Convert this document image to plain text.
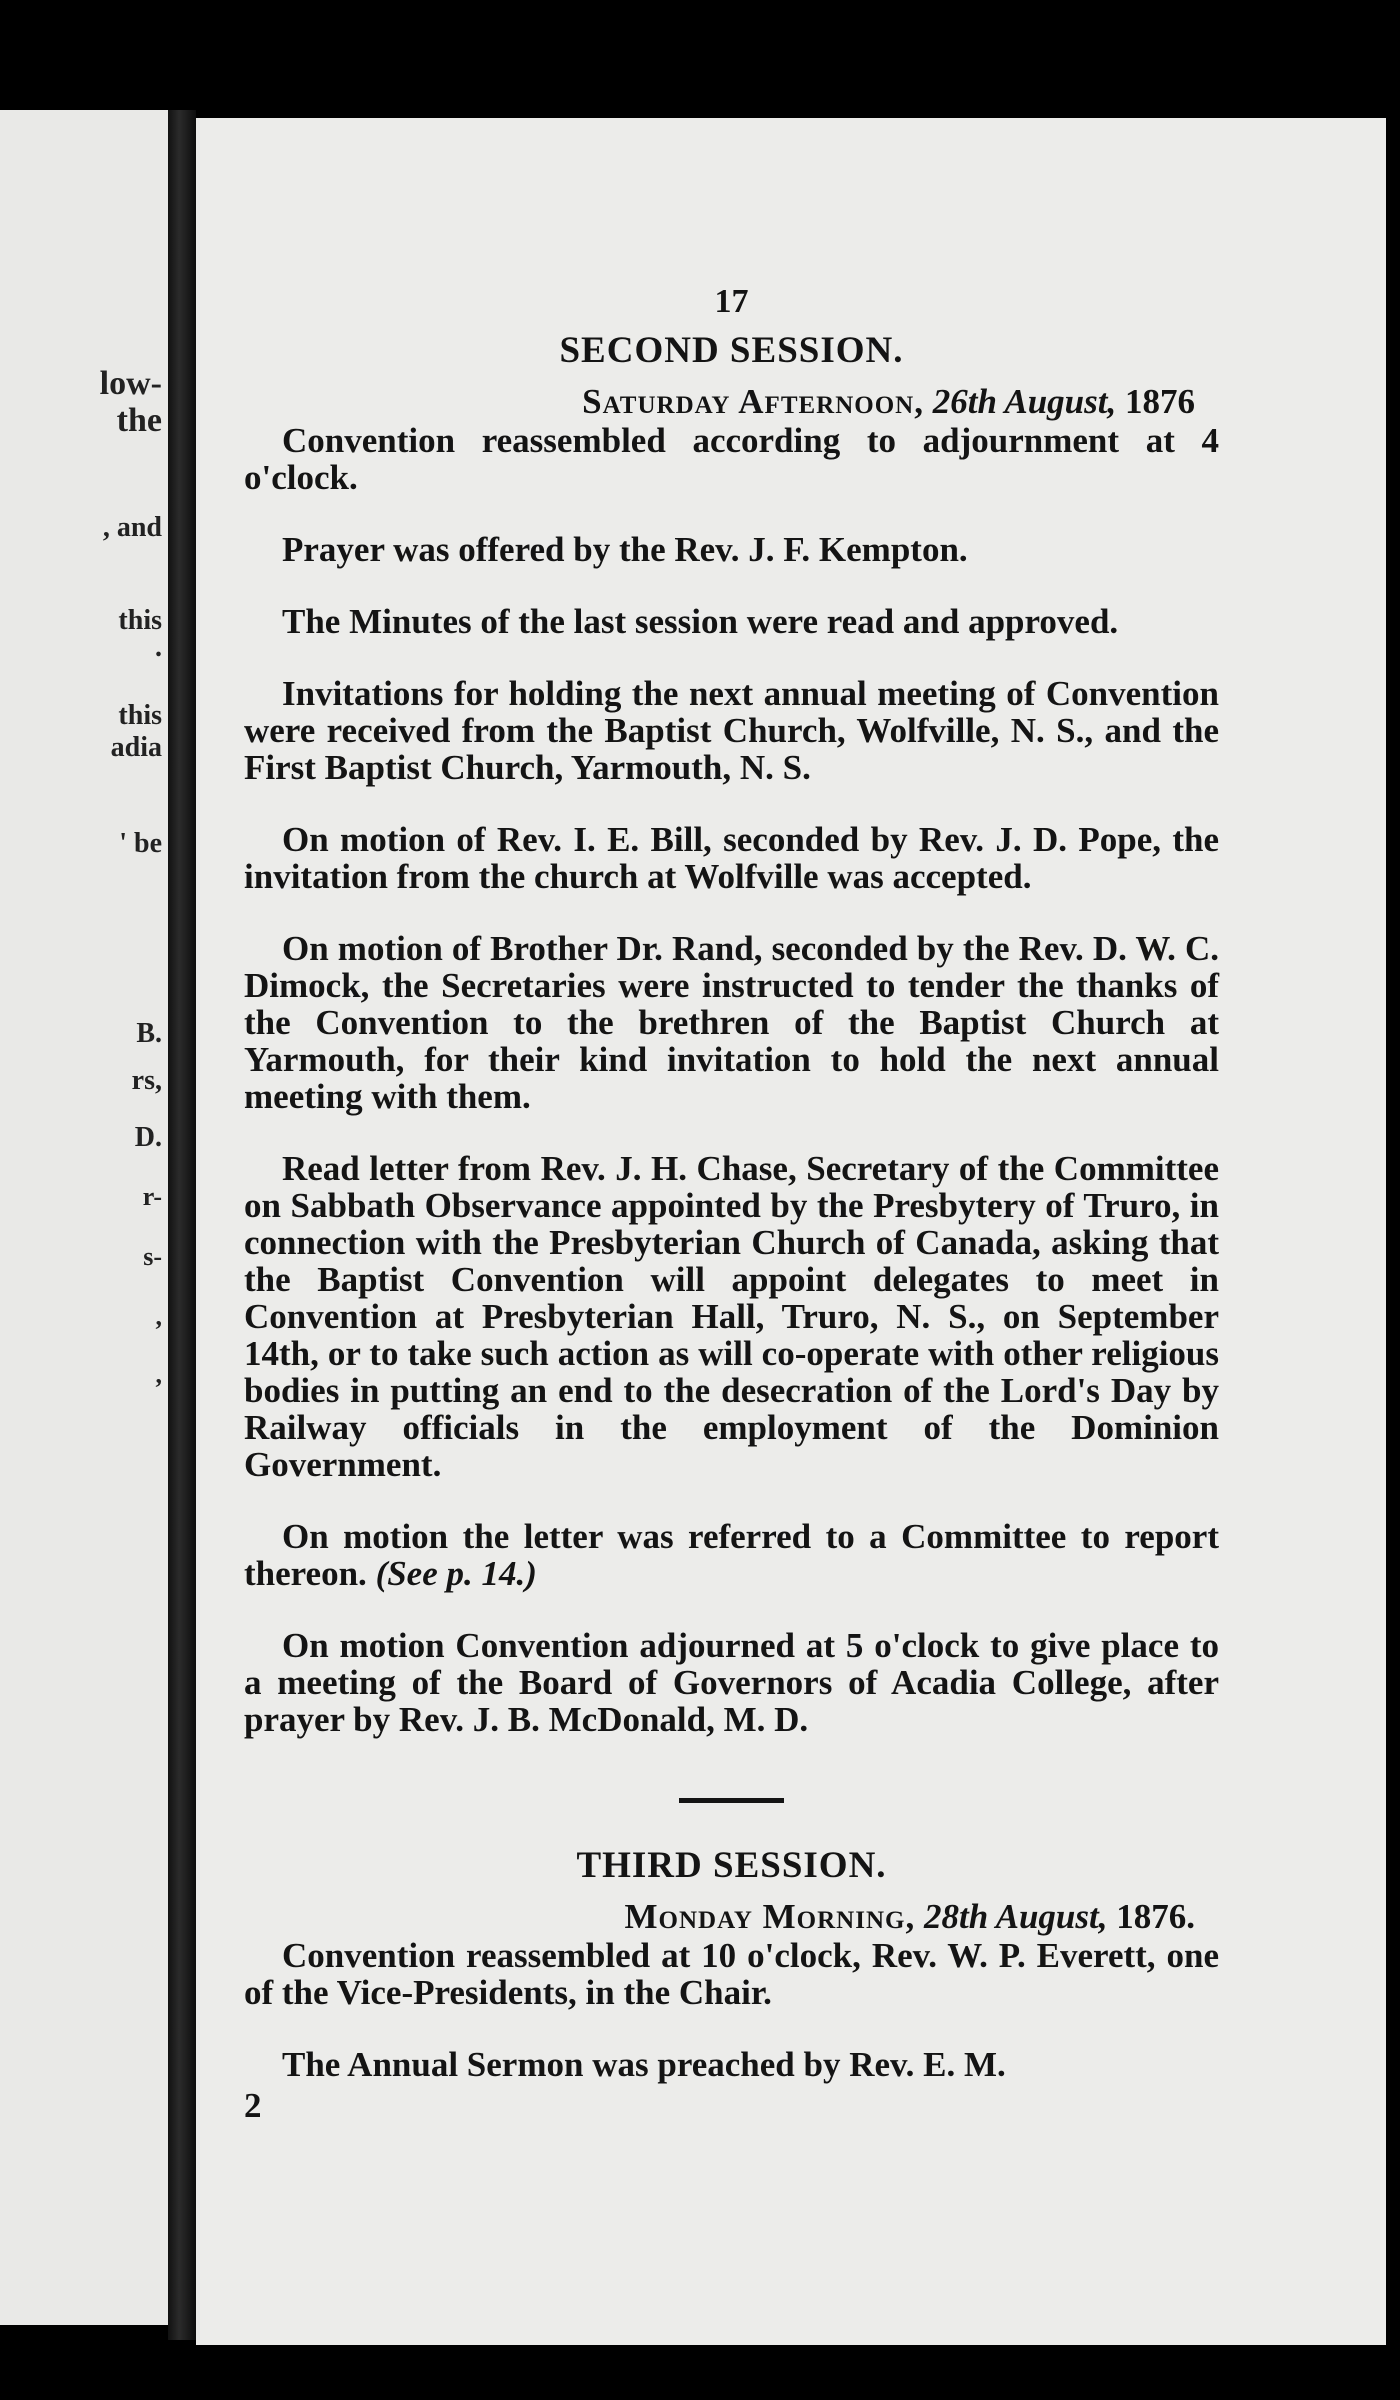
low-
the
, and
this
.
this
adia
' be
B.
rs,
D.
r-
s-
,
,
17
SECOND SESSION.
Saturday Afternoon, 26th August, 1876

Convention reassembled according to adjournment at 4 o'clock.

Prayer was offered by the Rev. J. F. Kempton.

The Minutes of the last session were read and approved.

Invitations for holding the next annual meeting of Convention were received from the Baptist Church, Wolfville, N. S., and the First Baptist Church, Yarmouth, N. S.

On motion of Rev. I. E. Bill, seconded by Rev. J. D. Pope, the invitation from the church at Wolfville was accepted.

On motion of Brother Dr. Rand, seconded by the Rev. D. W. C. Dimock, the Secretaries were instructed to tender the thanks of the Convention to the brethren of the Baptist Church at Yarmouth, for their kind invitation to hold the next annual meeting with them.

Read letter from Rev. J. H. Chase, Secretary of the Committee on Sabbath Observance appointed by the Presbytery of Truro, in connection with the Presbyterian Church of Canada, asking that the Baptist Convention will appoint delegates to meet in Convention at Presbyterian Hall, Truro, N. S., on September 14th, or to take such action as will co-operate with other religious bodies in putting an end to the desecration of the Lord's Day by Railway officials in the employment of the Dominion Government.

On motion the letter was referred to a Committee to report thereon. (See p. 14.)

On motion Convention adjourned at 5 o'clock to give place to a meeting of the Board of Governors of Acadia College, after prayer by Rev. J. B. McDonald, M. D.

THIRD SESSION.
Monday Morning, 28th August, 1876.

Convention reassembled at 10 o'clock, Rev. W. P. Everett, one of the Vice-Presidents, in the Chair.

The Annual Sermon was preached by Rev. E. M.

2
